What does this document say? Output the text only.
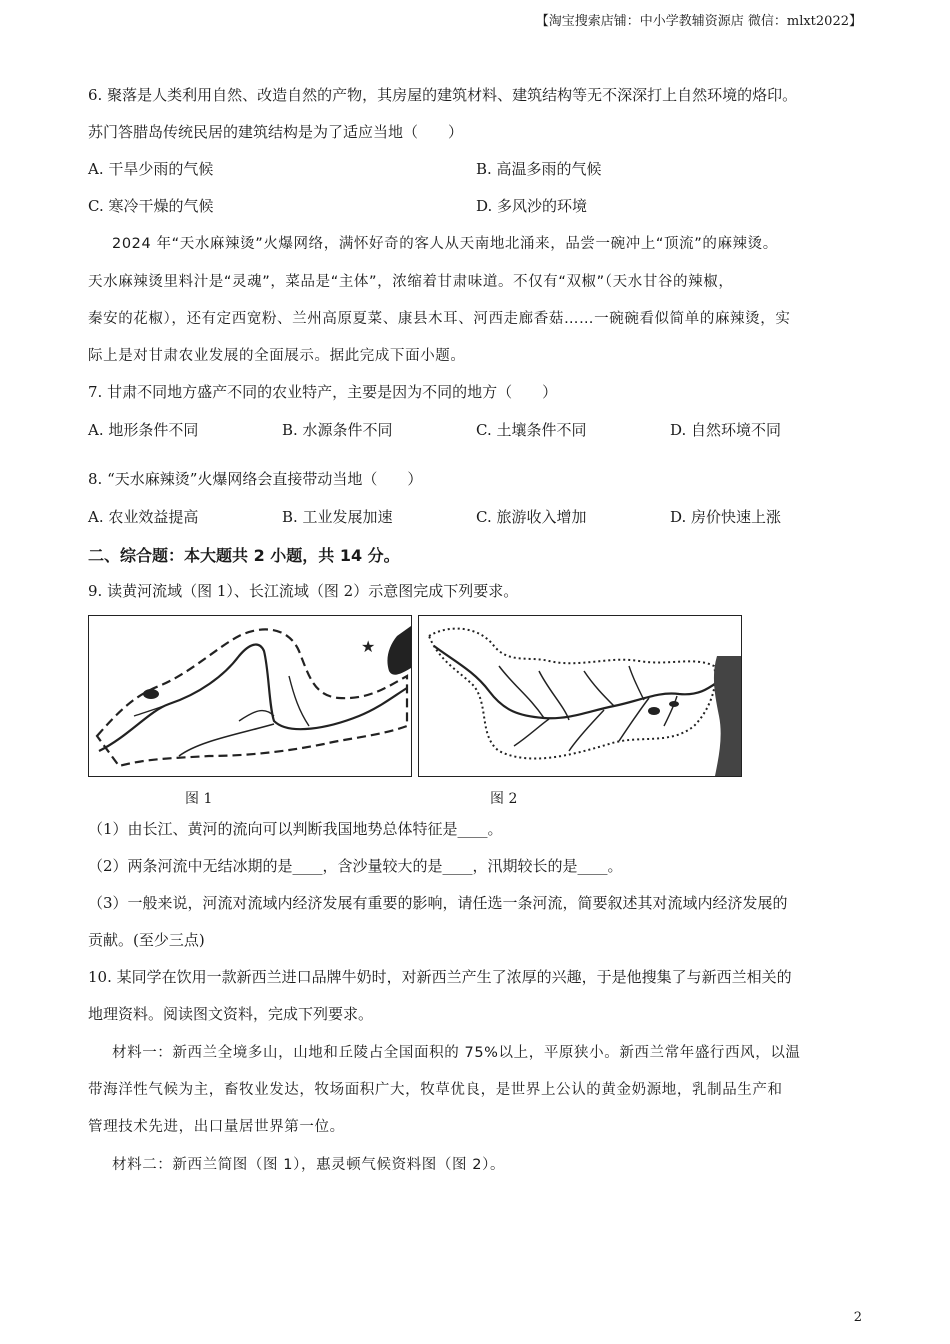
【淘宝搜索店铺：中小学教辅资源店 微信：mlxt2022】
6. 聚落是人类利用自然、改造自然的产物，其房屋的建筑材料、建筑结构等无不深深打上自然环境的烙印。
苏门答腊岛传统民居的建筑结构是为了适应当地（　　）
A. 干旱少雨的气候	B. 高温多雨的气候
C. 寒冷干燥的气候	D. 多风沙的环境
2024 年“天水麻辣烫”火爆网络，满怀好奇的客人从天南地北涌来，品尝一碗冲上“顶流”的麻辣烫。
天水麻辣烫里料汁是“灵魂”，菜品是“主体”，浓缩着甘肃味道。不仅有“双椒”（天水甘谷的辣椒，
秦安的花椒），还有定西宽粉、兰州高原夏菜、康县木耳、河西走廊香菇……一碗碗看似简单的麻辣烫，实
际上是对甘肃农业发展的全面展示。据此完成下面小题。
7. 甘肃不同地方盛产不同的农业特产，主要是因为不同的地方（　　）
A. 地形条件不同	B. 水源条件不同	C. 土壤条件不同	D. 自然环境不同
8. “天水麻辣烫”火爆网络会直接带动当地（　　）
A. 农业效益提高	B. 工业发展加速	C. 旅游收入增加	D. 房价快速上涨
二、综合题：本大题共 2 小题，共 14 分。
9. 读黄河流域（图 1）、长江流域（图 2）示意图完成下列要求。
★
图 1	图 2
（1）由长江、黄河的流向可以判断我国地势总体特征是____。
（2）两条河流中无结冰期的是____，含沙量较大的是____，汛期较长的是____。
（3）一般来说，河流对流域内经济发展有重要的影响，请任选一条河流，简要叙述其对流域内经济发展的
贡献。(至少三点)
10. 某同学在饮用一款新西兰进口品牌牛奶时，对新西兰产生了浓厚的兴趣，于是他搜集了与新西兰相关的
地理资料。阅读图文资料，完成下列要求。
材料一：新西兰全境多山，山地和丘陵占全国面积的 75%以上，平原狭小。新西兰常年盛行西风，以温
带海洋性气候为主，畜牧业发达，牧场面积广大，牧草优良，是世界上公认的黄金奶源地，乳制品生产和
管理技术先进，出口量居世界第一位。
材料二：新西兰简图（图 1），惠灵顿气候资料图（图 2）。
2
